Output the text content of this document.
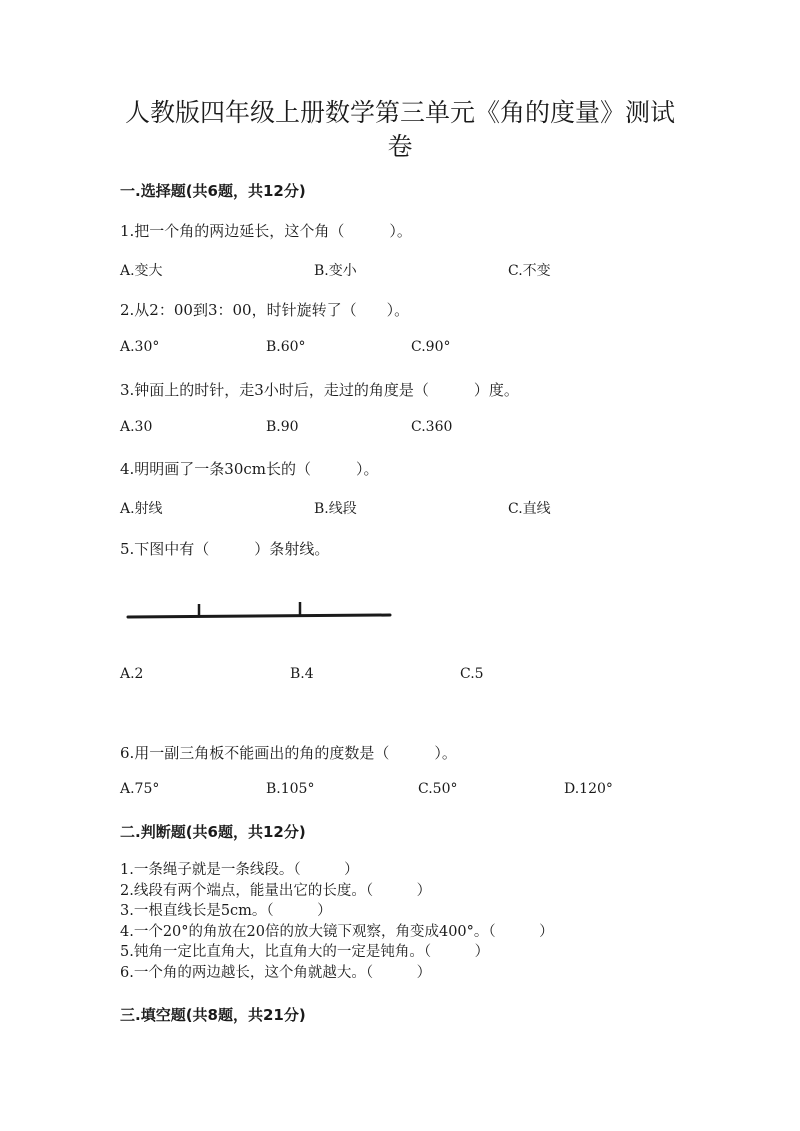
人教版四年级上册数学第三单元《角的度量》测试
卷
一.选择题(共6题，共12分)
1.把一个角的两边延长，这个角（　　　）。
A.变大	B.变小	C.不变
2.从2：00到3：00，时针旋转了（　　）。
A.30°	B.60°	C.90°
3.钟面上的时针，走3小时后，走过的角度是（　　　）度。
A.30	B.90	C.360
4.明明画了一条30cm长的（　　　）。
A.射线	B.线段	C.直线
5.下图中有（　　　）条射线。
A.2	B.4	C.5
6.用一副三角板不能画出的角的度数是（　　　）。
A.75°	B.105°	C.50°	D.120°
二.判断题(共6题，共12分)
1.一条绳子就是一条线段。（　　　）
2.线段有两个端点，能量出它的长度。（　　　）
3.一根直线长是5cm。（　　　）
4.一个20°的角放在20倍的放大镜下观察，角变成400°。（　　　）
5.钝角一定比直角大，比直角大的一定是钝角。（　　　）
6.一个角的两边越长，这个角就越大。（　　　）
三.填空题(共8题，共21分)
